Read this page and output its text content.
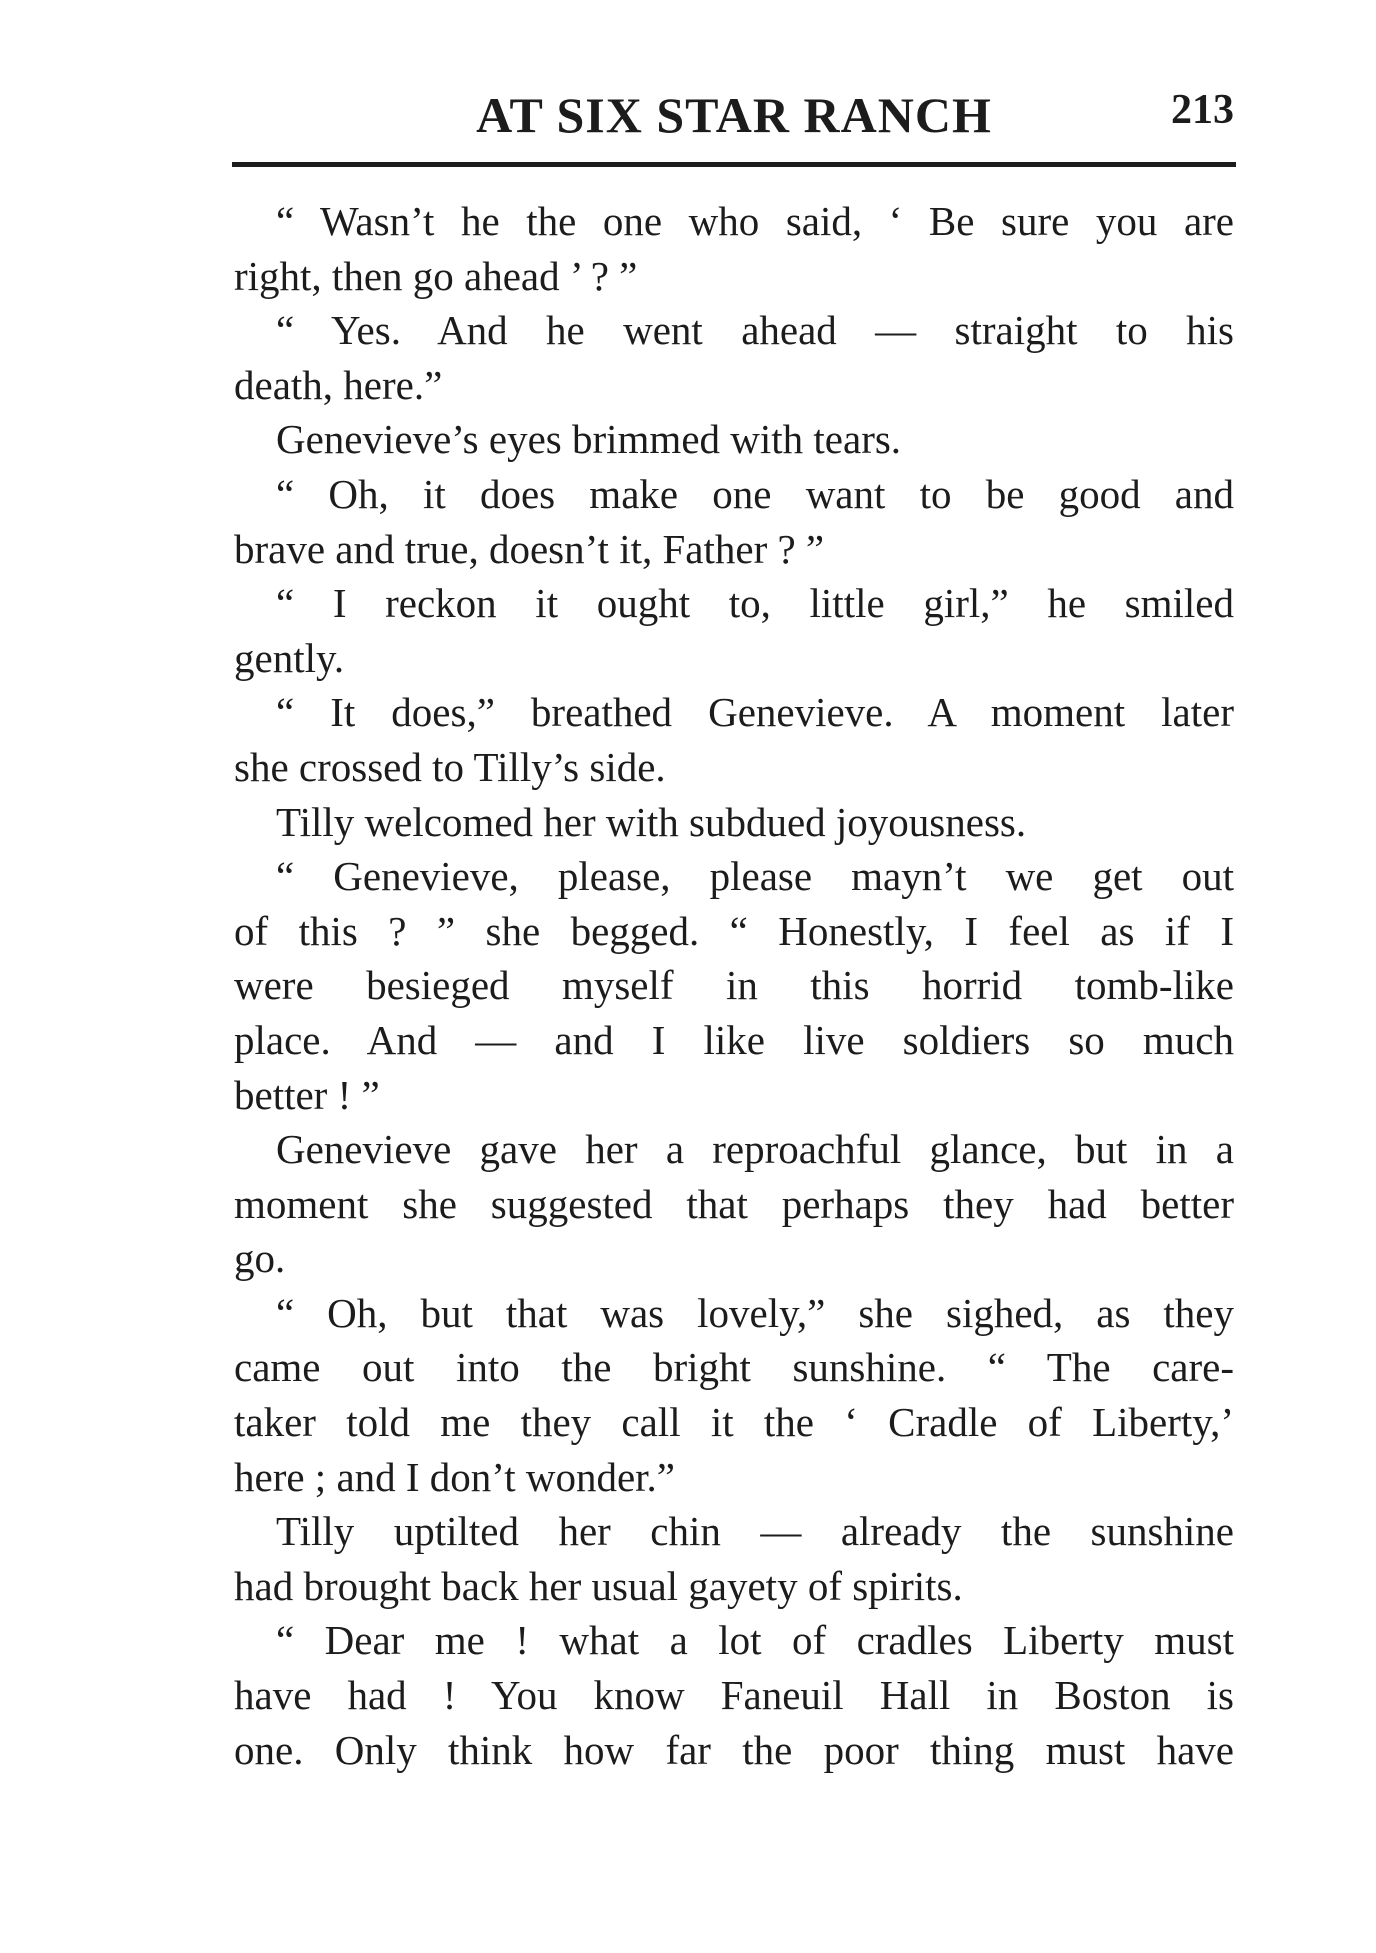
AT SIX STAR RANCH	213
“ Wasn’t he the one who said, ‘ Be sure you are
right, then go ahead ’ ? ”
“ Yes. And he went ahead — straight to his
death, here.”
Genevieve’s eyes brimmed with tears.
“ Oh, it does make one want to be good and
brave and true, doesn’t it, Father ? ”
“ I reckon it ought to, little girl,” he smiled
gently.
“ It does,” breathed Genevieve. A moment later
she crossed to Tilly’s side.
Tilly welcomed her with subdued joyousness.
“ Genevieve, please, please mayn’t we get out
of this ? ” she begged. “ Honestly, I feel as if I
were besieged myself in this horrid tomb-like
place. And — and I like live soldiers so much
better ! ”
Genevieve gave her a reproachful glance, but in a
moment she suggested that perhaps they had better
go.
“ Oh, but that was lovely,” she sighed, as they
came out into the bright sunshine. “ The care-
taker told me they call it the ‘ Cradle of Liberty,’
here ; and I don’t wonder.”
Tilly uptilted her chin — already the sunshine
had brought back her usual gayety of spirits.
“ Dear me ! what a lot of cradles Liberty must
have had ! You know Faneuil Hall in Boston is
one. Only think how far the poor thing must have
